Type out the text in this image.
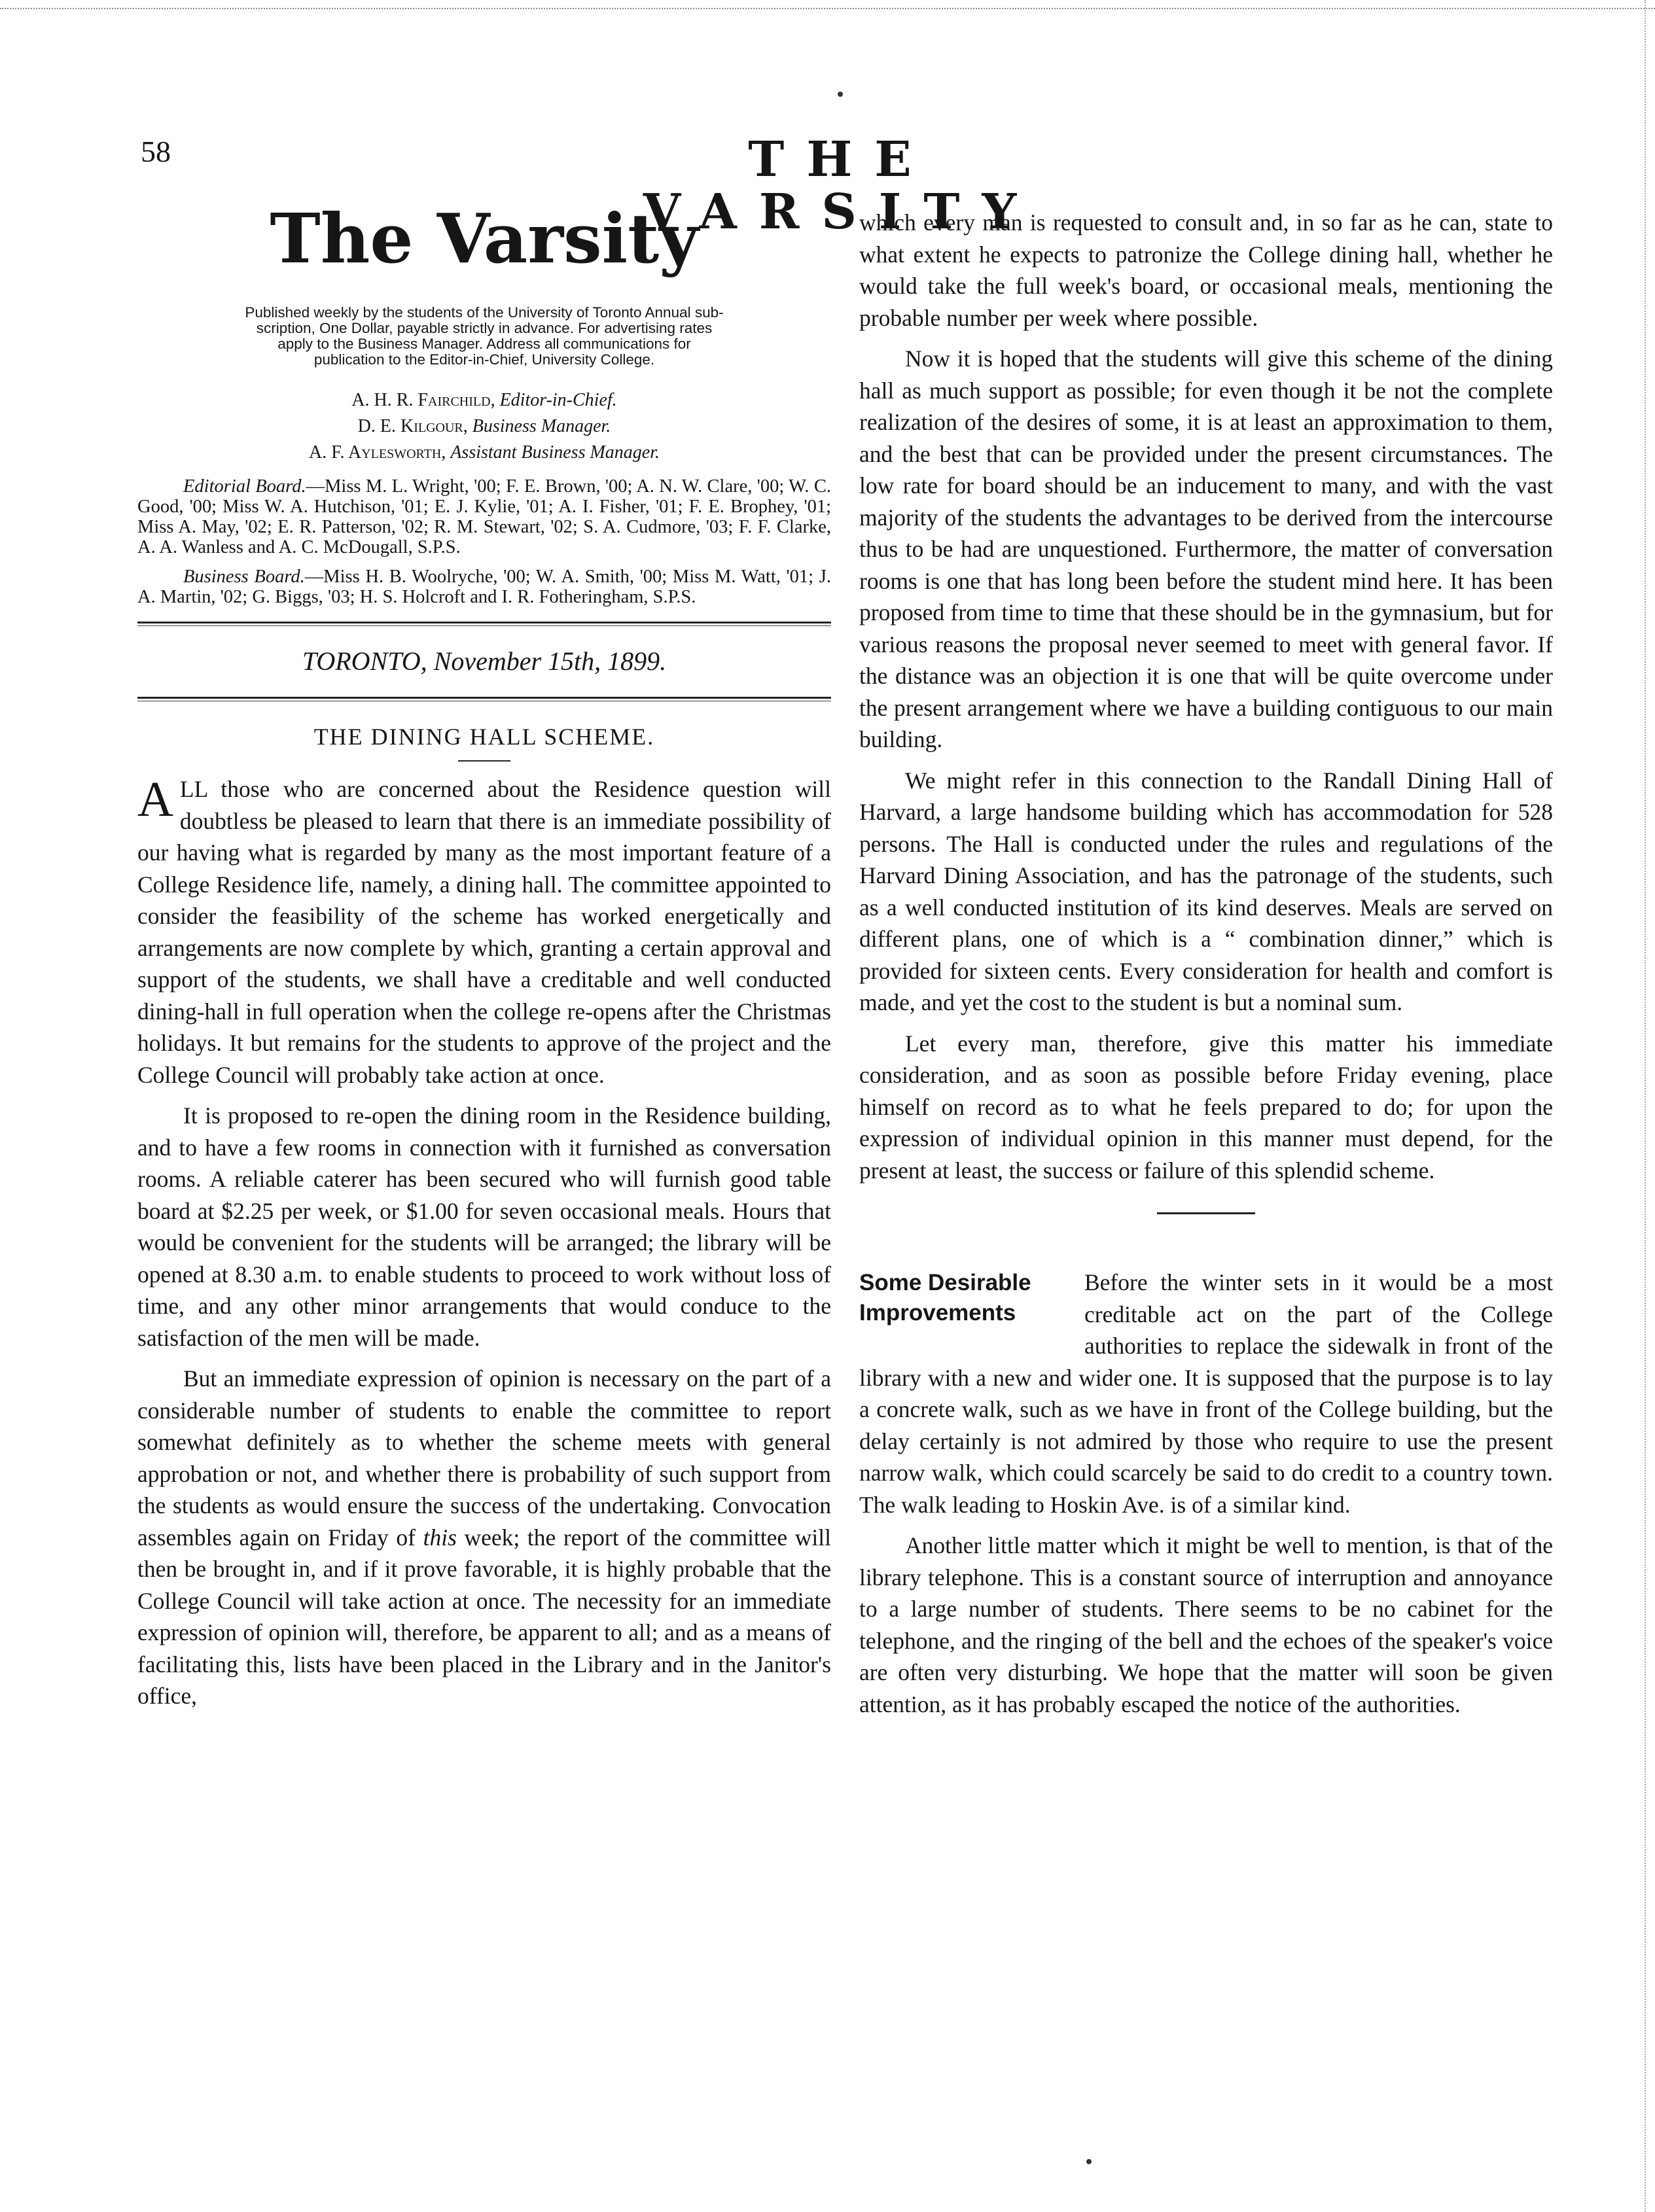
58	THE VARSITY
The Varsity
Published weekly by the students of the University of Toronto Annual sub-
scription, One Dollar, payable strictly in advance. For advertising rates
apply to the Business Manager. Address all communications for
publication to the Editor-in-Chief, University College.
A. H. R. Fairchild, Editor-in-Chief.
D. E. Kilgour, Business Manager.
A. F. Aylesworth, Assistant Business Manager.

Editorial Board.—Miss M. L. Wright, '00; F. E. Brown, '00; A. N. W. Clare, '00; W. C. Good, '00; Miss W. A. Hutchison, '01; E. J. Kylie, '01; A. I. Fisher, '01; F. E. Brophey, '01; Miss A. May, '02; E. R. Patterson, '02; R. M. Stewart, '02; S. A. Cudmore, '03; F. F. Clarke, A. A. Wanless and A. C. McDougall, S.P.S.

Business Board.—Miss H. B. Woolryche, '00; W. A. Smith, '00; Miss M. Watt, '01; J. A. Martin, '02; G. Biggs, '03; H. S. Holcroft and I. R. Fotheringham, S.P.S.

TORONTO, November 15th, 1899.
THE DINING HALL SCHEME.

ALL those who are concerned about the Residence question will doubtless be pleased to learn that there is an immediate possibility of our having what is regarded by many as the most important feature of a College Residence life, namely, a dining hall. The committee appointed to consider the feasibility of the scheme has worked energetically and arrangements are now complete by which, granting a certain approval and support of the students, we shall have a creditable and well conducted dining-hall in full operation when the college re-opens after the Christmas holidays. It but remains for the students to approve of the project and the College Council will probably take action at once.

It is proposed to re-open the dining room in the Residence building, and to have a few rooms in connection with it furnished as conversation rooms. A reliable caterer has been secured who will furnish good table board at $2.25 per week, or $1.00 for seven occasional meals. Hours that would be convenient for the students will be arranged; the library will be opened at 8.30 a.m. to enable students to proceed to work without loss of time, and any other minor arrangements that would conduce to the satisfaction of the men will be made.

But an immediate expression of opinion is necessary on the part of a considerable number of students to enable the committee to report somewhat definitely as to whether the scheme meets with general approbation or not, and whether there is probability of such support from the students as would ensure the success of the undertaking. Convocation assembles again on Friday of this week; the report of the committee will then be brought in, and if it prove favorable, it is highly probable that the College Council will take action at once. The necessity for an immediate expression of opinion will, therefore, be apparent to all; and as a means of facilitating this, lists have been placed in the Library and in the Janitor's office,

which every man is requested to consult and, in so far as he can, state to what extent he expects to patronize the College dining hall, whether he would take the full week's board, or occasional meals, mentioning the probable number per week where possible.

Now it is hoped that the students will give this scheme of the dining hall as much support as possible; for even though it be not the complete realization of the desires of some, it is at least an approximation to them, and the best that can be provided under the present circumstances. The low rate for board should be an inducement to many, and with the vast majority of the students the advantages to be derived from the intercourse thus to be had are unquestioned. Furthermore, the matter of conversation rooms is one that has long been before the student mind here. It has been proposed from time to time that these should be in the gymnasium, but for various reasons the proposal never seemed to meet with general favor. If the distance was an objection it is one that will be quite overcome under the present arrangement where we have a building contiguous to our main building.

We might refer in this connection to the Randall Dining Hall of Harvard, a large handsome building which has accommodation for 528 persons. The Hall is conducted under the rules and regulations of the Harvard Dining Association, and has the patronage of the students, such as a well conducted institution of its kind deserves. Meals are served on different plans, one of which is a “ combination dinner,” which is provided for sixteen cents. Every consideration for health and comfort is made, and yet the cost to the student is but a nominal sum.

Let every man, therefore, give this matter his immediate consideration, and as soon as possible before Friday evening, place himself on record as to what he feels prepared to do; for upon the expression of individual opinion in this manner must depend, for the present at least, the success or failure of this splendid scheme.

Some Desirable
Improvements
Before the winter sets in it would be a most creditable act on the part of the College authorities to replace the sidewalk in front of the library with a new and wider one. It is supposed that the purpose is to lay a concrete walk, such as we have in front of the College building, but the delay certainly is not admired by those who require to use the present narrow walk, which could scarcely be said to do credit to a country town. The walk leading to Hoskin Ave. is of a similar kind.

Another little matter which it might be well to mention, is that of the library telephone. This is a constant source of interruption and annoyance to a large number of students. There seems to be no cabinet for the telephone, and the ringing of the bell and the echoes of the speaker's voice are often very disturbing. We hope that the matter will soon be given attention, as it has probably escaped the notice of the authorities.
